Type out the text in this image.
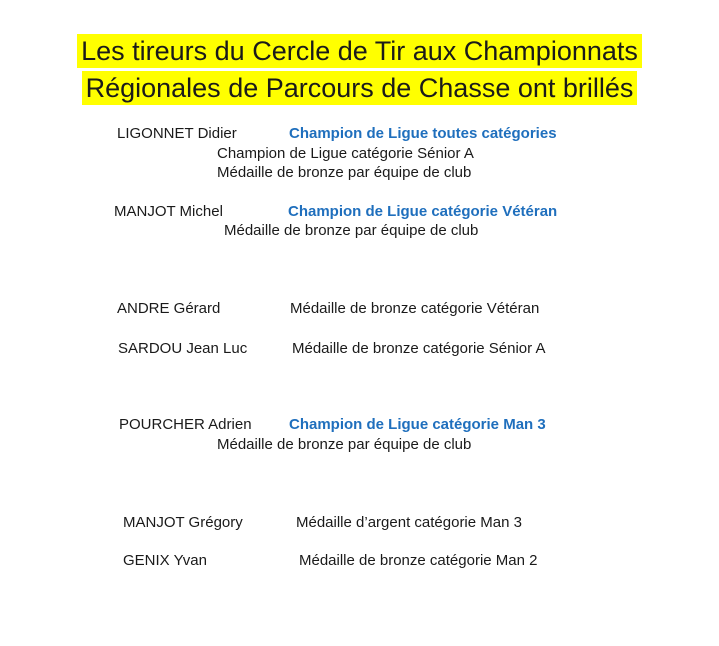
Les tireurs du Cercle de Tir aux Championnats
Régionales de Parcours de Chasse ont brillés
LIGONNET Didier	Champion de Ligue toutes catégories
Champion de Ligue catégorie Sénior A
Médaille de bronze par équipe de club
MANJOT Michel	Champion de Ligue catégorie Vétéran
Médaille de bronze par équipe de club
ANDRE Gérard	Médaille de bronze catégorie Vétéran
SARDOU Jean Luc	Médaille de bronze catégorie Sénior A
POURCHER Adrien Champion de Ligue catégorie Man 3
Médaille de bronze par équipe de club
MANJOT Grégory	Médaille d’argent catégorie Man 3
GENIX Yvan	Médaille de bronze catégorie Man 2
